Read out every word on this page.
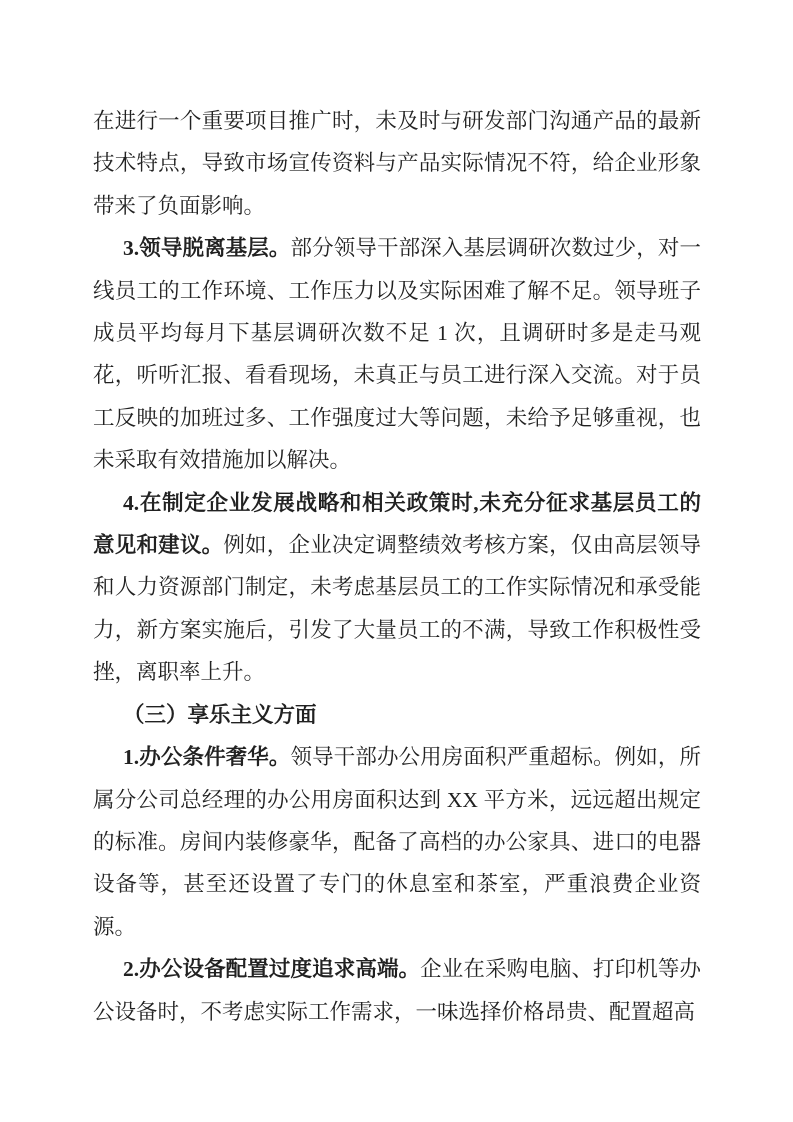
在进行一个重要项目推广时，未及时与研发部门沟通产品的最新技术特点，导致市场宣传资料与产品实际情况不符，给企业形象带来了负面影响。

3.领导脱离基层。部分领导干部深入基层调研次数过少，对一线员工的工作环境、工作压力以及实际困难了解不足。领导班子成员平均每月下基层调研次数不足 1 次，且调研时多是走马观花，听听汇报、看看现场，未真正与员工进行深入交流。对于员工反映的加班过多、工作强度过大等问题，未给予足够重视，也未采取有效措施加以解决。

4.在制定企业发展战略和相关政策时,未充分征求基层员工的意见和建议。例如，企业决定调整绩效考核方案，仅由高层领导和人力资源部门制定，未考虑基层员工的工作实际情况和承受能力，新方案实施后，引发了大量员工的不满，导致工作积极性受挫，离职率上升。

（三）享乐主义方面

1.办公条件奢华。领导干部办公用房面积严重超标。例如，所属分公司总经理的办公用房面积达到 XX 平方米，远远超出规定的标准。房间内装修豪华，配备了高档的办公家具、进口的电器设备等，甚至还设置了专门的休息室和茶室，严重浪费企业资源。

2.办公设备配置过度追求高端。企业在采购电脑、打印机等办公设备时，不考虑实际工作需求，一味选择价格昂贵、配置超高
